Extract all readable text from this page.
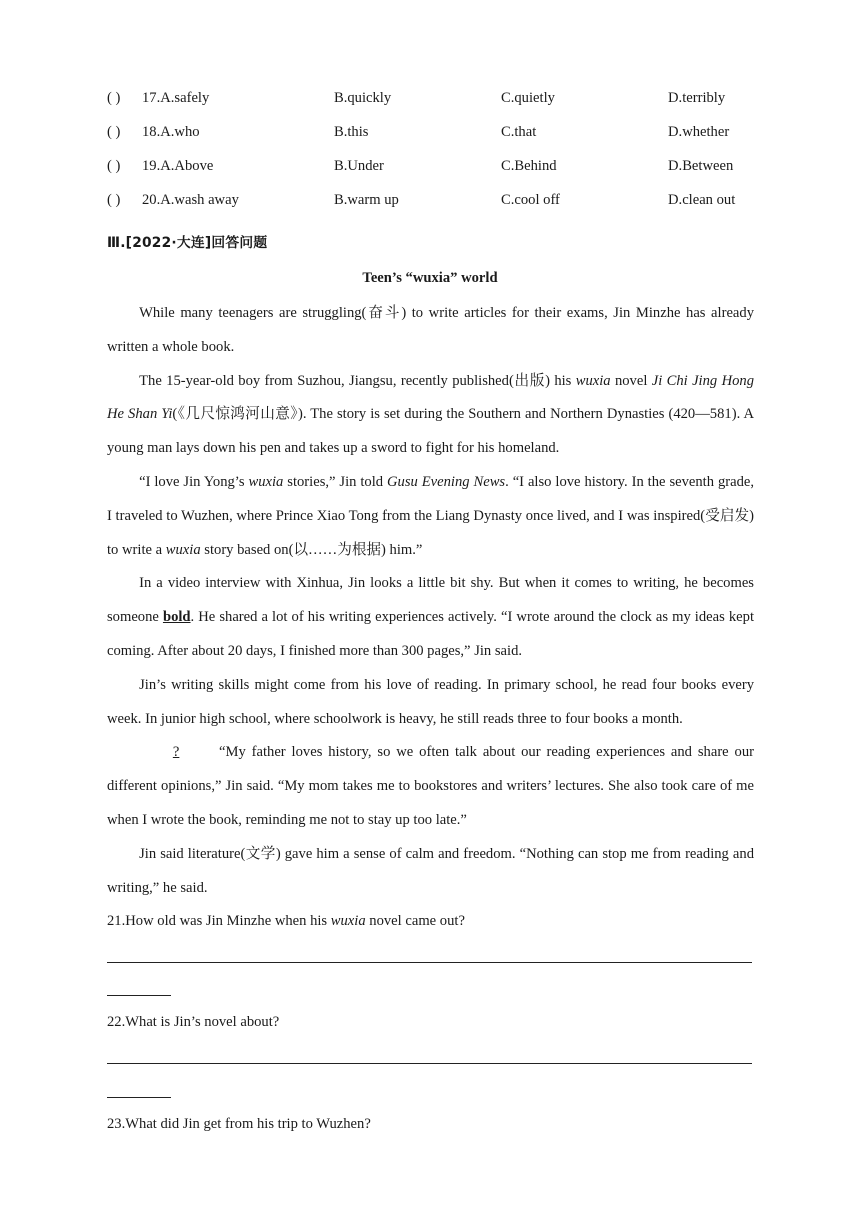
( ) 17.A.safely	B.quickly	C.quietly	D.terribly
( ) 18.A.who	B.this	C.that	D.whether
( ) 19.A.Above	B.Under	C.Behind	D.Between
( ) 20.A.wash away	B.warm up	C.cool off	D.clean out
Ⅲ.[2022·大连]回答问题
Teen’s “wuxia” world

While many teenagers are struggling(奋斗) to write articles for their exams, Jin Minzhe has already written a whole book.

The 15-year-old boy from Suzhou, Jiangsu, recently published(出版) his wuxia novel Ji Chi Jing Hong He Shan Yi(《几尺惊鸿河山意》). The story is set during the Southern and Northern Dynasties (420—581). A young man lays down his pen and takes up a sword to fight for his homeland.

“I love Jin Yong’s wuxia stories,” Jin told Gusu Evening News. “I also love history. In the seventh grade, I traveled to Wuzhen, where Prince Xiao Tong from the Liang Dynasty once lived, and I was inspired(受启发) to write a wuxia story based on(以……为根据) him.”

In a video interview with Xinhua, Jin looks a little bit shy. But when it comes to writing, he becomes someone bold. He shared a lot of his writing experiences actively. “I wrote around the clock as my ideas kept coming. After about 20 days, I finished more than 300 pages,” Jin said.

Jin’s writing skills might come from his love of reading. In primary school, he read four books every week. In junior high school, where schoolwork is heavy, he still reads three to four books a month.

? “My father loves history, so we often talk about our reading experiences and share our different opinions,” Jin said. “My mom takes me to bookstores and writers’ lectures. She also took care of me when I wrote the book, reminding me not to stay up too late.”

Jin said literature(文学) gave him a sense of calm and freedom. “Nothing can stop me from reading and writing,” he said.

21.How old was Jin Minzhe when his wuxia novel came out?
22.What is Jin’s novel about?
23.What did Jin get from his trip to Wuzhen?
